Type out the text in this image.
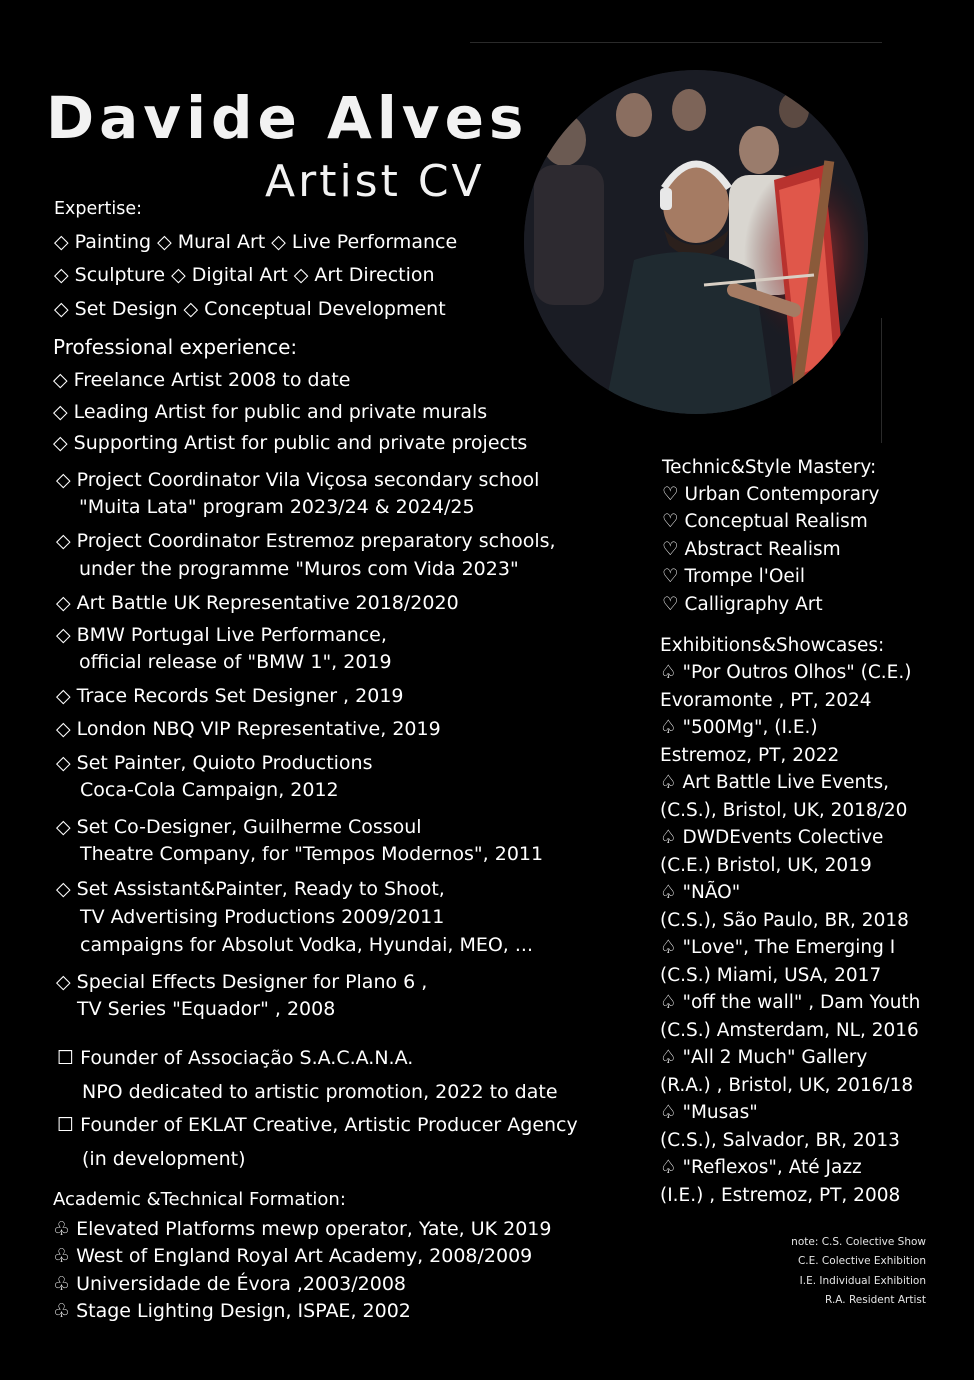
Davide Alves
Artist CV
Expertise:
◇ Painting ◇ Mural Art ◇ Live Performance
◇ Sculpture ◇ Digital Art ◇ Art Direction
◇ Set Design ◇ Conceptual Development
Professional experience:
◇ Freelance Artist 2008 to date
◇ Leading Artist for public and private murals
◇ Supporting Artist for public and private projects
◇ Project Coordinator Vila Viçosa secondary school
"Muita Lata" program 2023/24 & 2024/25
◇ Project Coordinator Estremoz preparatory schools,
under the programme "Muros com Vida 2023"
◇ Art Battle UK Representative 2018/2020
◇ BMW Portugal Live Performance,
official release of "BMW 1", 2019
◇ Trace Records Set Designer , 2019
◇ London NBQ VIP Representative, 2019
◇ Set Painter, Quioto Productions
Coca-Cola Campaign, 2012
◇ Set Co-Designer, Guilherme Cossoul
Theatre Company, for "Tempos Modernos", 2011
◇ Set Assistant&Painter, Ready to Shoot,
TV Advertising Productions 2009/2011
campaigns for Absolut Vodka, Hyundai, MEO, ...
◇ Special Effects Designer for Plano 6 ,
TV Series "Equador" , 2008
☐ Founder of Associação S.A.C.A.N.A.
NPO dedicated to artistic promotion, 2022 to date
☐ Founder of EKLAT Creative, Artistic Producer Agency
(in development)
Academic &Technical Formation:
♧ Elevated Platforms mewp operator, Yate, UK 2019
♧ West of England Royal Art Academy, 2008/2009
♧ Universidade de Évora ,2003/2008
♧ Stage Lighting Design, ISPAE, 2002
Technic&Style Mastery:
♡ Urban Contemporary
♡ Conceptual Realism
♡ Abstract Realism
♡ Trompe l'Oeil
♡ Calligraphy Art
Exhibitions&Showcases:
♤ "Por Outros Olhos" (C.E.)
Evoramonte , PT, 2024
♤ "500Mg", (I.E.)
Estremoz, PT, 2022
♤ Art Battle Live Events,
(C.S.), Bristol, UK, 2018/20
♤ DWDEvents Colective
(C.E.) Bristol, UK, 2019
♤ "NÃO"
(C.S.), São Paulo, BR, 2018
♤ "Love", The Emerging I
(C.S.) Miami, USA, 2017
♤ "off the wall" , Dam Youth
(C.S.) Amsterdam, NL, 2016
♤ "All 2 Much" Gallery
(R.A.) , Bristol, UK, 2016/18
♤ "Musas"
(C.S.), Salvador, BR, 2013
♤ "Reflexos", Até Jazz
(I.E.) , Estremoz, PT, 2008
note: C.S. Colective Show
C.E. Colective Exhibition
I.E. Individual Exhibition
R.A. Resident Artist
